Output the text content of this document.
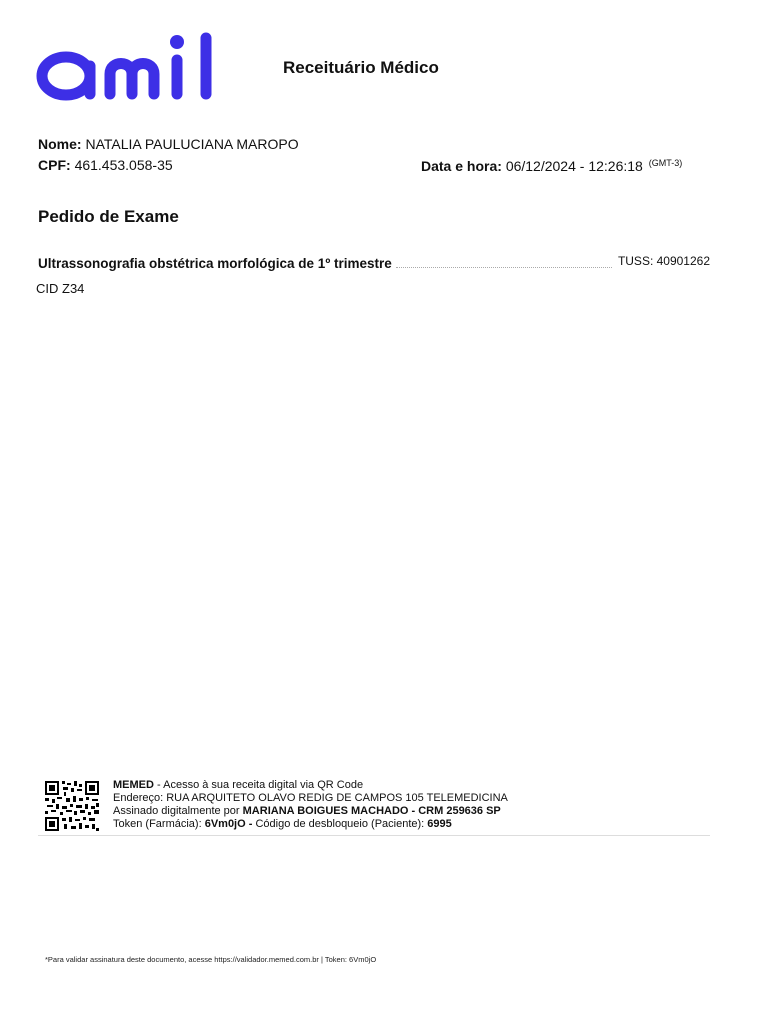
Receituário Médico
Nome: NATALIA PAULUCIANA MAROPO
CPF: 461.453.058-35	Data e hora: 06/12/2024 - 12:26:18 $^{(GMT-3)}$
Pedido de Exame
Ultrassonografia obstétrica morfológica de 1º trimestre	TUSS: 40901262
CID Z34
MEMED - Acesso à sua receita digital via QR Code
Endereço: RUA ARQUITETO OLAVO REDIG DE CAMPOS 105 TELEMEDICINA
Assinado digitalmente por MARIANA BOIGUES MACHADO - CRM 259636 SP
Token (Farmácia): 6Vm0jO - Código de desbloqueio (Paciente): 6995
*Para validar assinatura deste documento, acesse https://validador.memed.com.br | Token: 6Vm0jO
